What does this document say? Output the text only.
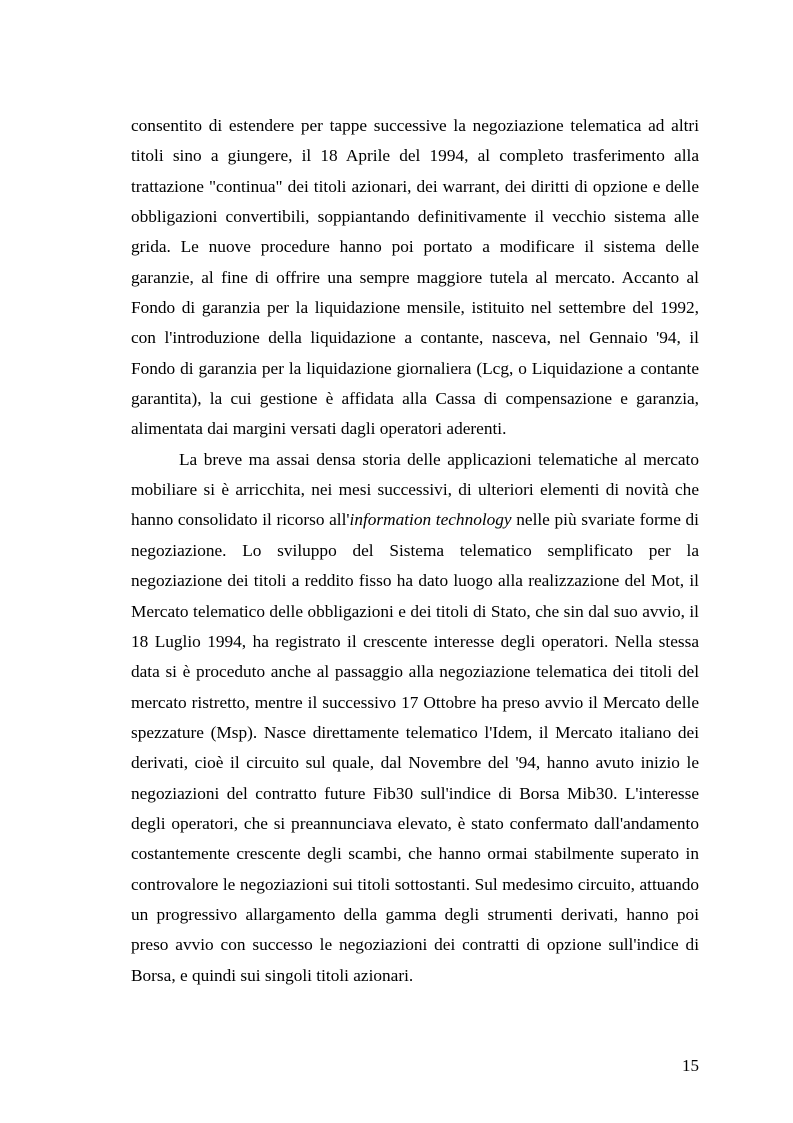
consentito di estendere per tappe successive la negoziazione telematica ad altri titoli sino a giungere, il 18 Aprile del 1994, al completo trasferimento alla trattazione "continua" dei titoli azionari, dei warrant, dei diritti di opzione e delle obbligazioni convertibili, soppiantando definitivamente il vecchio sistema alle grida. Le nuove procedure hanno poi portato a modificare il sistema delle garanzie, al fine di offrire una sempre maggiore tutela al mercato. Accanto al Fondo di garanzia per la liquidazione mensile, istituito nel settembre del 1992, con l'introduzione della liquidazione a contante, nasceva, nel Gennaio '94, il Fondo di garanzia per la liquidazione giornaliera (Lcg, o Liquidazione a contante garantita), la cui gestione è affidata alla Cassa di compensazione e garanzia, alimentata dai margini versati dagli operatori aderenti.

La breve ma assai densa storia delle applicazioni telematiche al mercato mobiliare si è arricchita, nei mesi successivi, di ulteriori elementi di novità che hanno consolidato il ricorso all'information technology nelle più svariate forme di negoziazione. Lo sviluppo del Sistema telematico semplificato per la negoziazione dei titoli a reddito fisso ha dato luogo alla realizzazione del Mot, il Mercato telematico delle obbligazioni e dei titoli di Stato, che sin dal suo avvio, il 18 Luglio 1994, ha registrato il crescente interesse degli operatori. Nella stessa data si è proceduto anche al passaggio alla negoziazione telematica dei titoli del mercato ristretto, mentre il successivo 17 Ottobre ha preso avvio il Mercato delle spezzature (Msp). Nasce direttamente telematico l'Idem, il Mercato italiano dei derivati, cioè il circuito sul quale, dal Novembre del '94, hanno avuto inizio le negoziazioni del contratto future Fib30 sull'indice di Borsa Mib30. L'interesse degli operatori, che si preannunciava elevato, è stato confermato dall'andamento costantemente crescente degli scambi, che hanno ormai stabilmente superato in controvalore le negoziazioni sui titoli sottostanti. Sul medesimo circuito, attuando un progressivo allargamento della gamma degli strumenti derivati, hanno poi preso avvio con successo le negoziazioni dei contratti di opzione sull'indice di Borsa, e quindi sui singoli titoli azionari.

15
